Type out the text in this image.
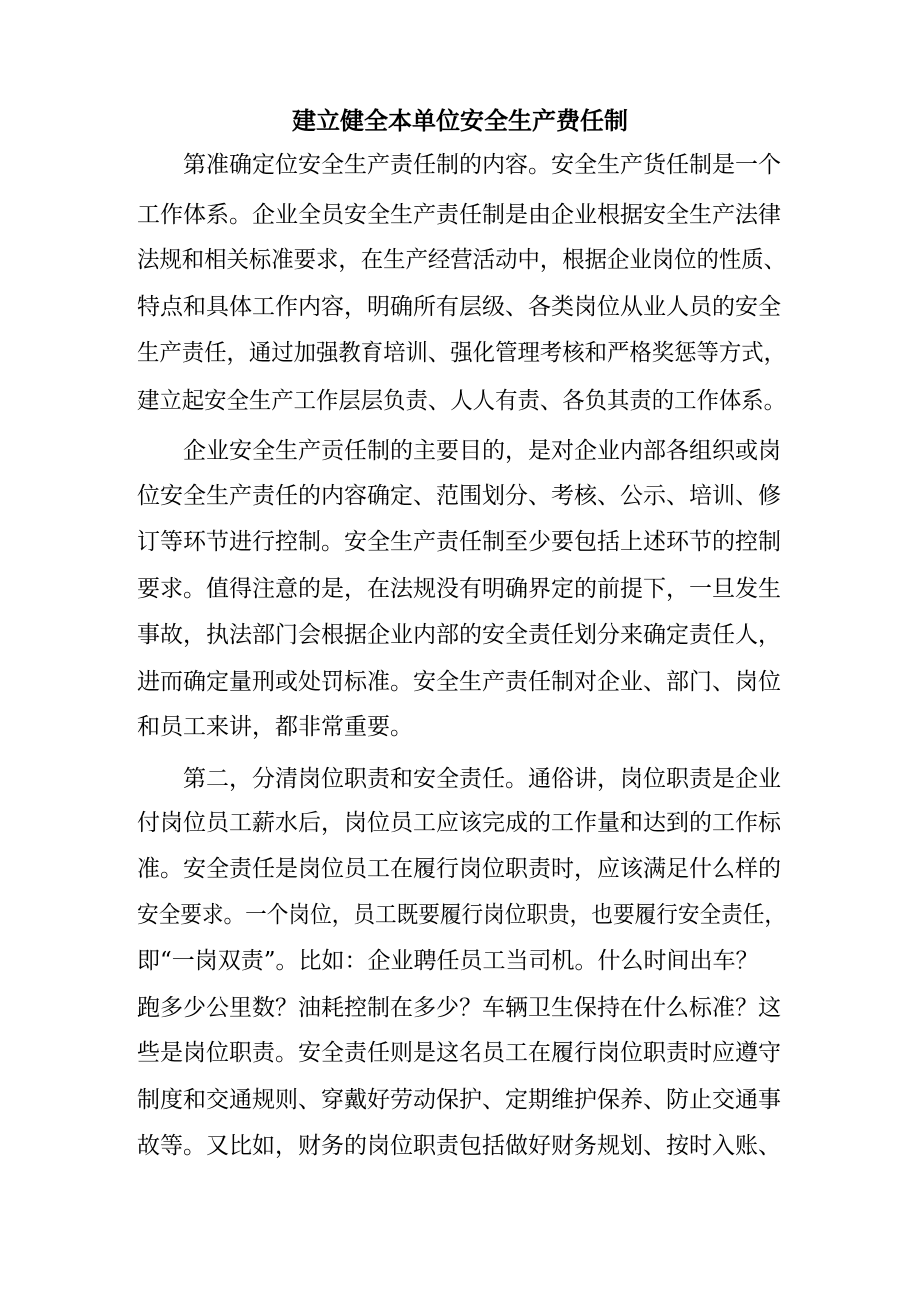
建立健全本单位安全生产费任制

第准确定位安全生产责任制的内容。安全生产货任制是一个

工作体系。企业全员安全生产责任制是由企业根据安全生产法律

法规和相关标准要求，在生产经营活动中，根据企业岗位的性质、

特点和具体工作内容，明确所有层级、各类岗位从业人员的安全

生产责任，通过加强教育培训、强化管理考核和严格奖惩等方式，

建立起安全生产工作层层负责、人人有责、各负其责的工作体系。

企业安全生产贡任制的主要目的，是对企业内部各组织或岗

位安全生产责任的内容确定、范围划分、考核、公示、培训、修

订等环节进行控制。安全生产责任制至少要包括上述环节的控制

要求。值得注意的是，在法规没有明确界定的前提下，一旦发生

事故，执法部门会根据企业内部的安全责任划分来确定责任人，

进而确定量刑或处罚标准。安全生产责任制对企业、部门、岗位

和员工来讲，都非常重要。

第二，分清岗位职责和安全责任。通俗讲，岗位职责是企业

付岗位员工薪水后，岗位员工应该完成的工作量和达到的工作标

准。安全责任是岗位员工在履行岗位职责时，应该满足什么样的

安全要求。一个岗位，员工既要履行岗位职贵，也要履行安全责任，

即“一岗双责”。比如：企业聘任员工当司机。什么时间出车？

跑多少公里数？油耗控制在多少？车辆卫生保持在什么标准？这

些是岗位职责。安全责任则是这名员工在履行岗位职责时应遵守

制度和交通规则、穿戴好劳动保护、定期维护保养、防止交通事

故等。又比如，财务的岗位职责包括做好财务规划、按时入账、
